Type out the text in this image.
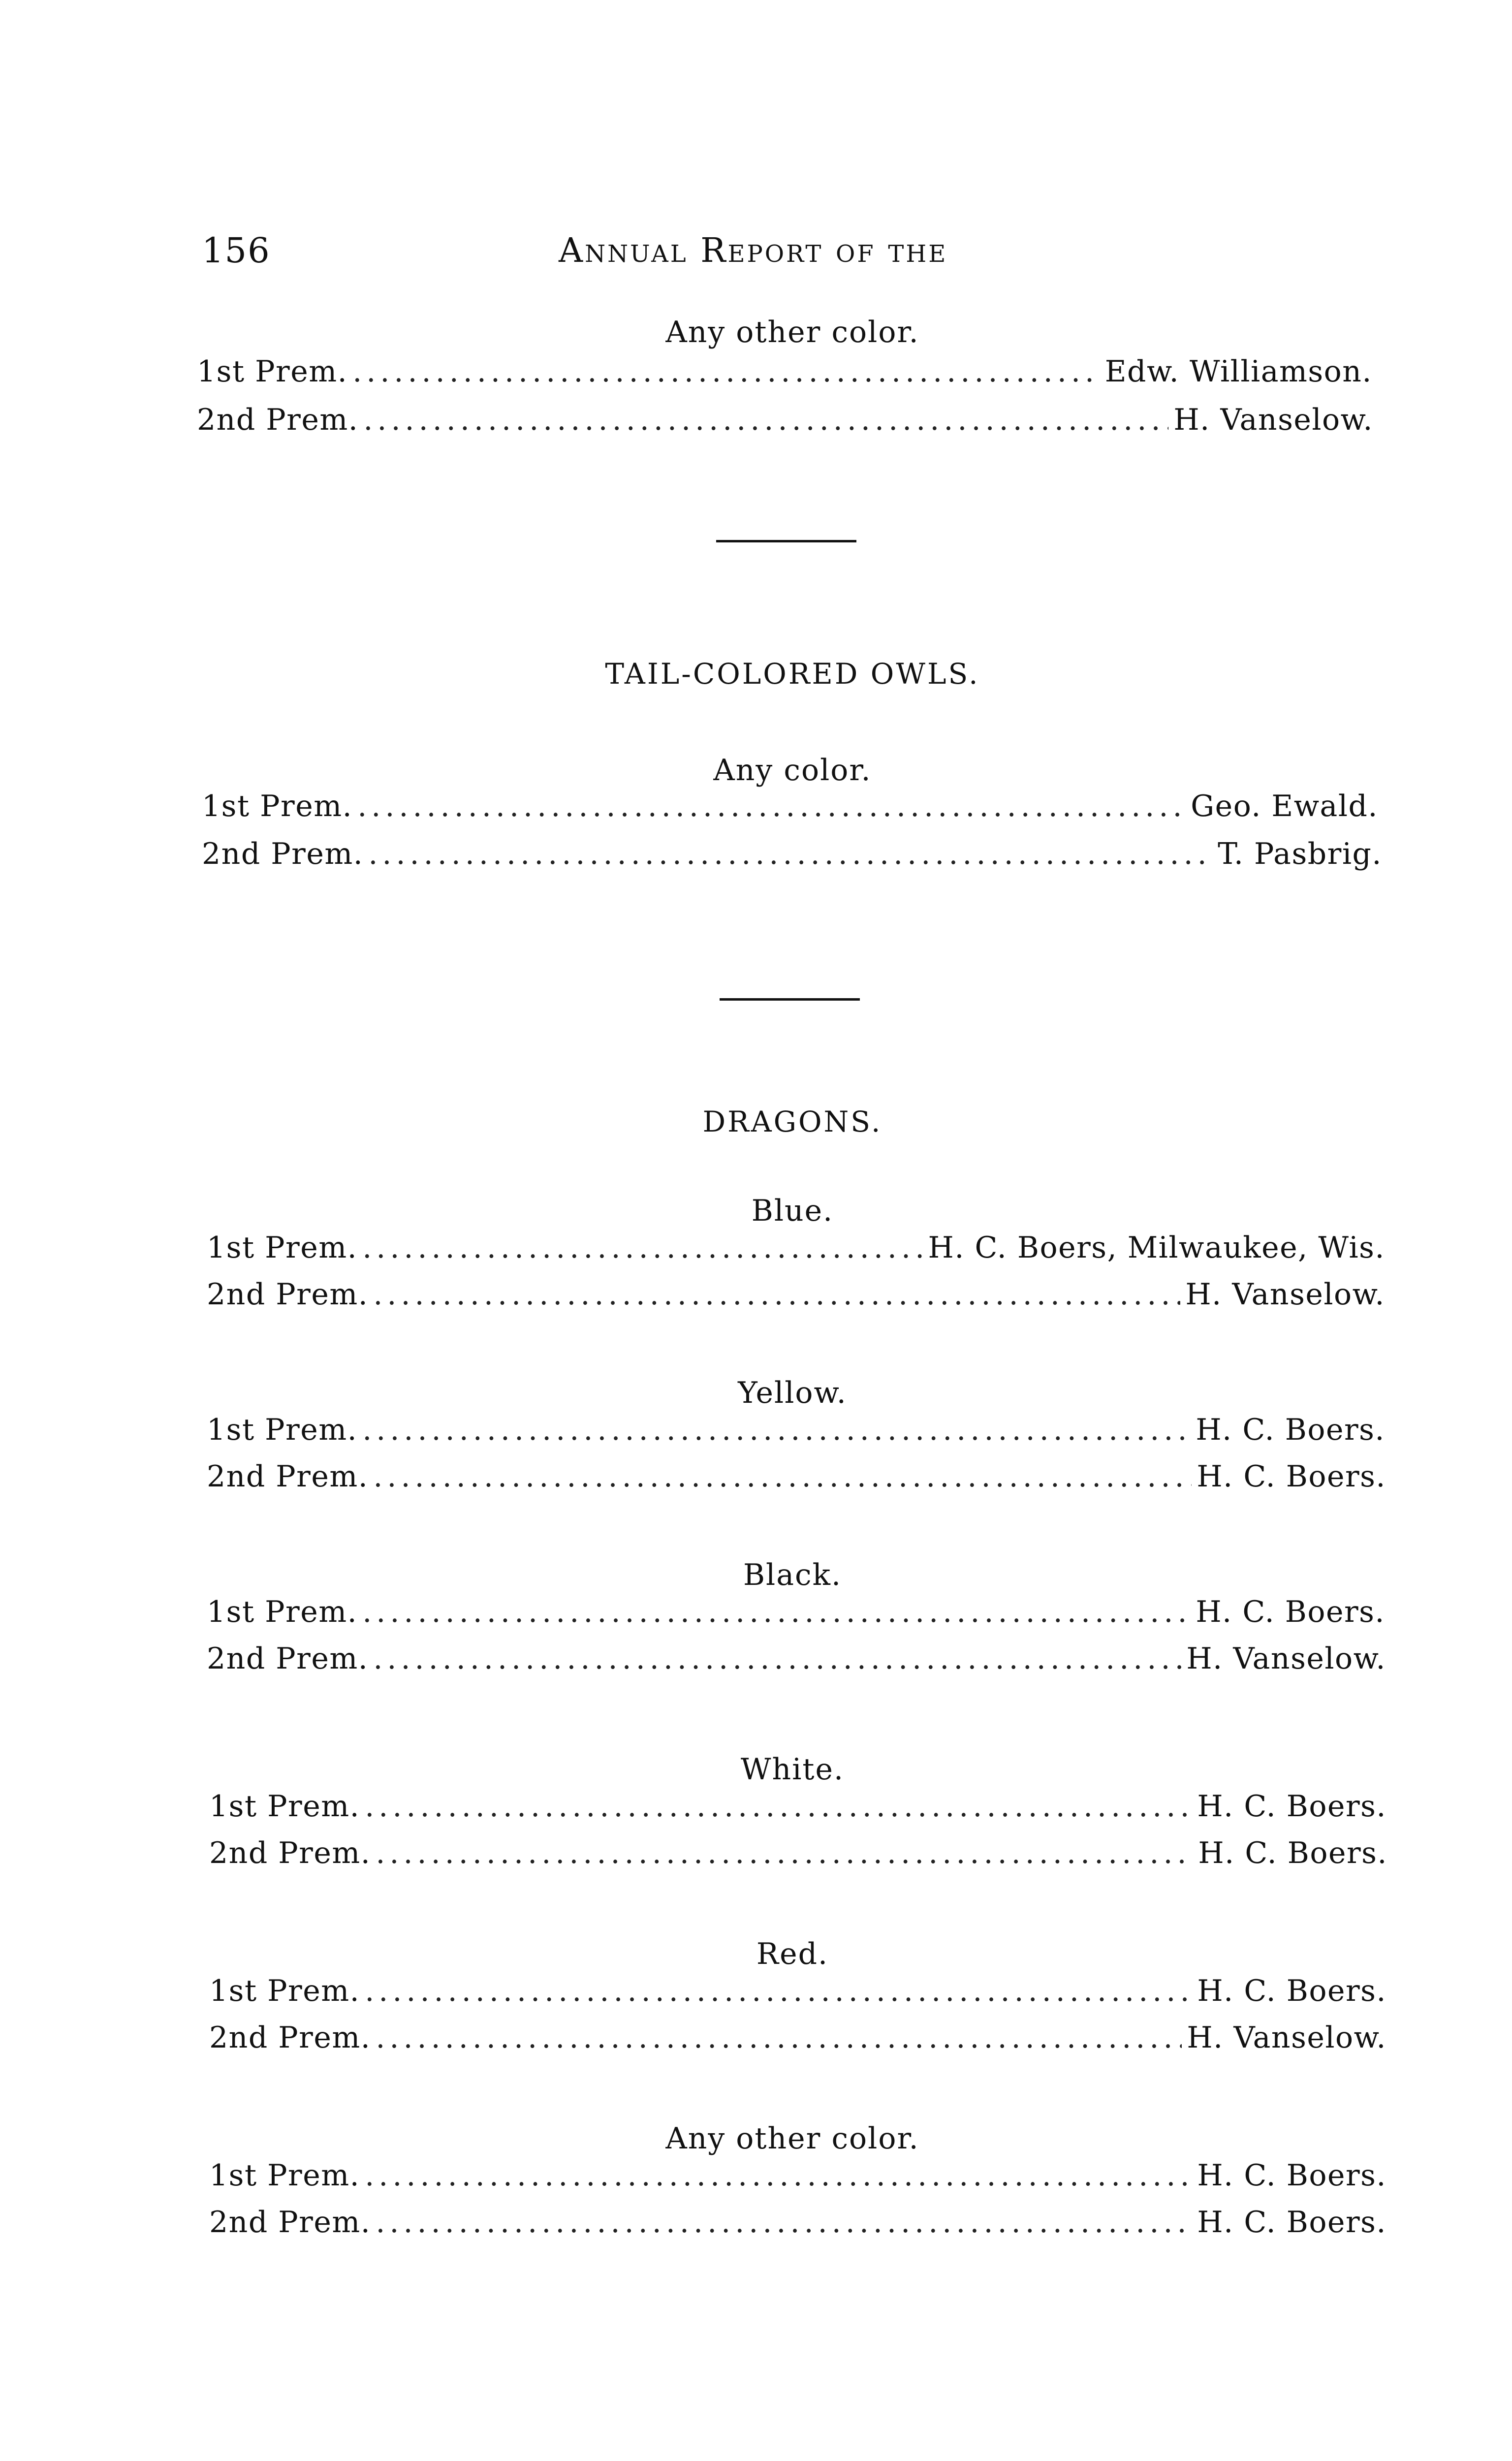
156	Annual Report of the
Any other color.
1st Prem. .....	Edw. Williamson.
2nd Prem. .....	H. Vanselow.
TAIL-COLORED OWLS.
Any color.
1st Prem. .....	Geo. Ewald.
2nd Prem. .....	T. Pasbrig.
DRAGONS.
Blue.
1st Prem. .....	H. C. Boers, Milwaukee, Wis.
2nd Prem. .....	H. Vanselow.
Yellow.
1st Prem. .....	H. C. Boers.
2nd Prem. .....	H. C. Boers.
Black.
1st Prem. .....	H. C. Boers.
2nd Prem. .....	H. Vanselow.
White.
1st Prem. .....	H. C. Boers.
2nd Prem. .....	H. C. Boers.
Red.
1st Prem. .....	H. C. Boers.
2nd Prem. .....	H. Vanselow.
Any other color.
1st Prem. .....	H. C. Boers.
2nd Prem. .....	H. C. Boers.
